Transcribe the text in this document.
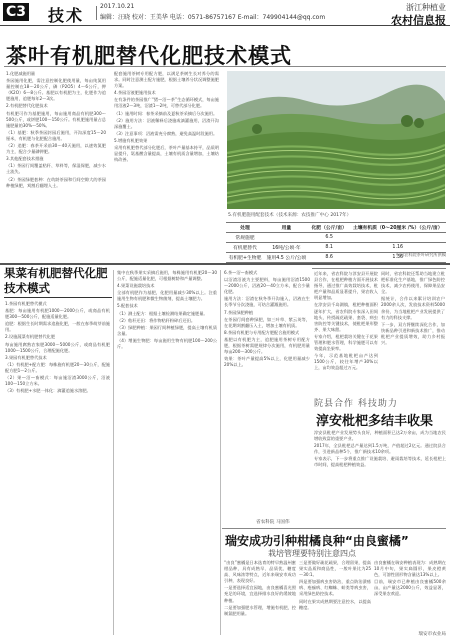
C3 技术	2017.10.21
编辑：汪晓 校对：王美华 电话：0571-86757167 E-mail：749904144@qq.com
浙江种植业
农村信息报
茶叶有机肥替代化肥技术模式

1.化肥减施用量

茶园施用化肥，需注意控制化肥使用量，每亩纯氮用量控制在18～20公斤，磷（P2O5）4～6公斤，钾（K2O）6～8公斤。基肥以有机肥为主，化肥作为追肥施用，追肥每年2～3次。

2.有机肥替代化肥技术

有机肥可作为基肥施用，每亩施用商品有机肥300～500公斤，或饼肥100～150公斤。有机肥施用量占总施肥量的30%～50%。

（1）基肥：秋季茶园封园后施用，开沟深度15～20厘米，有机肥与化肥配合施用。

（2）追肥：春茶开采前30～40天施用，以速效氮肥为主，配合少量磷钾肥。

3.其他配套技术措施

（1）茶园行间覆盖秸秆、草料等，保湿保肥，减少水土流失。

（2）茶园绿肥套种：在幼龄茶园和行间空隙大的茶园种植绿肥，刈割后翻埋入土。

配套施用茶树专用配方肥，以满足茶树生长对养分的需求。同时注意测土配方施肥，根据土壤养分状况调整施肥方案。

4.茶园沼液肥施用技术

在有条件的茶园推广“猪—沼—茶”生态循环模式，每亩施用沼液2～3吨，沼渣1～2吨，可替代部分化肥。

（1）施用时间：春茶采摘前及夏秋茶采摘后分次施用。

（2）施用方法：沼液稀释后浇施或滴灌施用，沼渣开沟深施覆土。

（3）注意事项：沼液需充分腐熟，避免高温时段施用。

5.增施有机肥效果

采用有机肥替代部分化肥后，茶叶产量基本持平，品质明显提升，氨基酸含量提高，土壤有机质含量增加，土壤结构改善。

5.有机肥施用配套技术（技术来源：农技推广中心 2017年）
处理	用量	化肥（公斤/亩）	土壤有机质（0～20厘米 /%）（公斤/亩）
常规施肥		6.5	
有机肥替代	16吨/公顷·年	8.1	1.16
有机肥+生物肥	施用4.5 公斤/公顷	8.6	1.36
中国农科院茶叶研究所供稿
果菜有机肥替代化肥技术模式

1.茶园有机肥替代模式

基肥：每亩施用有机肥1000～2000公斤，或商品有机肥300～500公斤，配施适量化肥。

追肥：根据生长时期需求追施化肥，一般在春季萌芽前施用。

2.设施蔬菜有机肥替代化肥

每亩施用腐熟农家肥3000～5000公斤，或商品有机肥1000～1500公斤，合理配施化肥。

3.果园有机肥替代技术

（1）有机肥+配方肥：每株施有机肥20～30公斤，配施配方肥1～2公斤。

（2）果—沼—畜模式：每亩施沼渣3000公斤，沼液100～150立方米。

（3）有机肥+水肥一体化：滴灌追施水溶肥。

集中在秋季果实采摘后施用，每株施用有机肥20～30公斤，配施适量化肥，可根据树龄和产量调整。

4.果菜设施栽培技术

全部有机肥作为基肥，化肥用量减少30%以上。注重施用生物有机肥和微生物菌剂，提高土壤肥力。

5.配套技术

（1）测土配方：根据土壤检测结果确定施肥量。

（2）秸秆还田：将作物秸秆粉碎后还田。

（3）绿肥种植：果园行间种植绿肥，提高土壤有机质含量。

（4）增施生物肥：每亩施用生物有机肥100～200公斤。

6.茶—沼—畜模式

以沼渣沼液为主要肥料，每亩施用沼渣1500～2000公斤，沼液20～40立方米，配合少量化肥。

施用方法：沼渣在秋冬季开沟施入，沼液在生长季节分次浇施，可结合灌溉施用。

7.茶园绿肥种植

在茶园行间套种绿肥，如三叶草、紫云英等，在花期刈割翻压入土，增加土壤有机质。

8.茶园有机肥与专用配方肥配合施用模式

基肥以有机肥为主，追肥施用茶树专用配方肥，根据茶树需肥规律分次施用，有机肥用量每亩200～300公斤。

效果：茶叶产量提高5%以上，化肥用量减少20%以上。

省农科院 马国伟

近年来，省农科院与淳安县开展院县合作，在枇杷种植方面开展技术指导，通过推广高效栽培技术，枇杷产量和品质显著提升，果农收入明显增加。

在淳安县千岛湖镇，枇杷种植面积逐年扩大，省农科院专家深入田间地头，传授疏花疏果、套袋、病虫害防控等关键技术，使枇杷果形整齐、果大味甜。

专家介绍，枇杷栽培关键在于花果管理和肥水管理，科学施肥可以有效提高坐果率。

今年，示范基地枇杷亩产达到1500公斤，较往年增产30%以上，亩均效益超过万元。

同时，省农科院还帮助当地建立枇杷标准化生产基地，推广绿色防控技术，减少农药使用，保障果品安全。

据统计，合作以来累计培训农户2000余人次，发放技术资料5000余份，为当地枇杷产业发展提供了有力的科技支撑。

下一步，双方将继续深化合作，加快新品种引进和新技术推广，推动枇杷产业提质增效，助力乡村振兴。

院县合作 科技助力
淳安枇杷多结丰收果

淳安县枇杷产业发展势头良好，种植面积已达2万余亩，成为当地农民增收致富的重要产业。

2017年，全县枇杷总产量达到1.5万吨，产值超过2亿元。通过院县合作，引进新品种5个，推广新技术10余项。

专家表示，下一步将重点推广设施栽培、避雨栽培等技术，延长枇杷上市时间，提高枇杷种植效益。

瑞安成功引种柑橘良种“由良蜜橘”
栽培管理要特别注意四点

“由良”蜜橘是日本选育的特早熟温州蜜柑品种，具有成熟早、品质优、糖度高、风味浓等特点，近年来瑞安市成功引种，表现良好。

一是要选择适宜园地，由良蜜橘喜光照充足的环境，宜选择排水良好的缓坡地种植。

二是要加强肥水管理，增施有机肥，控制氮肥用量。

三是要做好疏花疏果，合理留果，提高果实品质和商品性，一般叶果比为25～30:1。

四是要加强病虫害防治，重点防治溃疡病、疮痂病、红蜘蛛、蚧类等病虫害，采用绿色防控技术。

同时在果实成熟期要注意控水，以提高糖度。

由良蜜橘在瑞安种植表现为：成熟期在10月中旬，果实扁圆形，果皮橙黄色，可溶性固形物含量达13%以上。

目前，瑞安市已种植由良蜜橘500余亩，亩产量达2000公斤，效益显著，深受果农欢迎。

瑞安市农业局
